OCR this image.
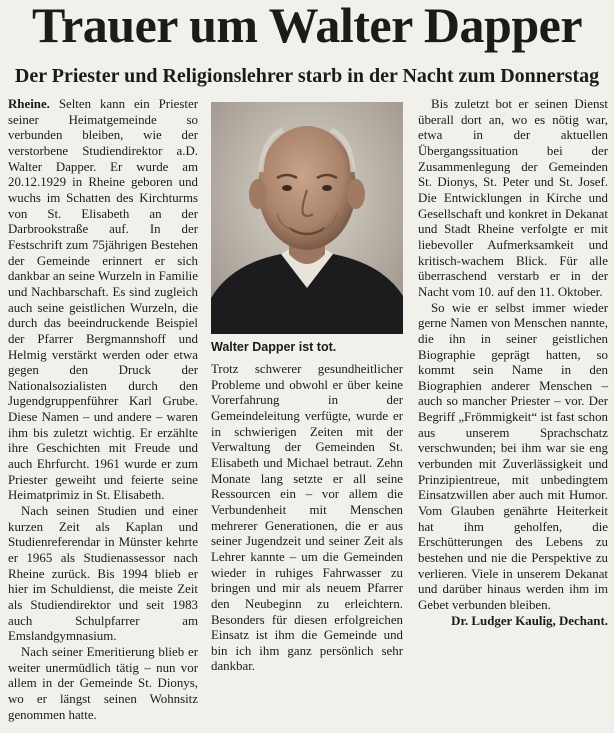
Trauer um Walter Dapper
Der Priester und Religionslehrer starb in der Nacht zum Donnerstag

Rheine. Selten kann ein Priester seiner Heimatgemeinde so verbunden bleiben, wie der verstorbene Studiendirektor a.D. Walter Dapper. Er wurde am 20.12.1929 in Rheine geboren und wuchs im Schatten des Kirchturms von St. Elisabeth an der Darbrookstraße auf. In der Festschrift zum 75jährigen Bestehen der Gemeinde erinnert er sich dankbar an seine Wurzeln in Familie und Nachbarschaft. Es sind zugleich auch seine geistlichen Wurzeln, die durch das beeindruckende Beispiel der Pfarrer Bergmannshoff und Helmig verstärkt werden oder etwa gegen den Druck der Nationalsozialisten durch den Jugendgruppenführer Karl Grube. Diese Namen – und andere – waren ihm bis zuletzt wichtig. Er erzählte ihre Geschichten mit Freude und auch Ehrfurcht. 1961 wurde er zum Priester geweiht und feierte seine Heimatprimiz in St. Elisabeth.

Nach seinen Studien und einer kurzen Zeit als Kaplan und Studienreferendar in Münster kehrte er 1965 als Studienassessor nach Rheine zurück. Bis 1994 blieb er hier im Schuldienst, die meiste Zeit als Studiendirektor und seit 1983 auch Schulpfarrer am Emslandgymnasium.

Nach seiner Emeritierung blieb er weiter unermüdlich tätig – nun vor allem in der Gemeinde St. Dionys, wo er längst seinen Wohnsitz genommen hatte.

Walter Dapper ist tot.

Trotz schwerer gesundheitlicher Probleme und obwohl er über keine Vorerfahrung in der Gemeindeleitung verfügte, wurde er in schwierigen Zeiten mit der Verwaltung der Gemeinden St. Elisabeth und Michael betraut. Zehn Monate lang setzte er all seine Ressourcen ein – vor allem die Verbundenheit mit Menschen mehrerer Generationen, die er aus seiner Jugendzeit und seiner Zeit als Lehrer kannte – um die Gemeinden wieder in ruhiges Fahrwasser zu bringen und mir als neuem Pfarrer den Neubeginn zu erleichtern. Besonders für diesen erfolgreichen Einsatz ist ihm die Gemeinde und bin ich ihm ganz persönlich sehr dankbar.

Bis zuletzt bot er seinen Dienst überall dort an, wo es nötig war, etwa in der aktuellen Übergangssituation bei der Zusammenlegung der Gemeinden St. Dionys, St. Peter und St. Josef. Die Entwicklungen in Kirche und Gesellschaft und konkret in Dekanat und Stadt Rheine verfolgte er mit liebevoller Aufmerksamkeit und kritisch-wachem Blick. Für alle überraschend verstarb er in der Nacht vom 10. auf den 11. Oktober.

So wie er selbst immer wieder gerne Namen von Menschen nannte, die ihn in seiner geistlichen Biographie geprägt hatten, so kommt sein Name in den Biographien anderer Menschen – auch so mancher Priester – vor. Der Begriff „Frömmigkeit“ ist fast schon aus unserem Sprachschatz verschwunden; bei ihm war sie eng verbunden mit Zuverlässigkeit und Prinzipientreue, mit unbedingtem Einsatzwillen aber auch mit Humor. Vom Glauben genährte Heiterkeit hat ihm geholfen, die Erschütterungen des Lebens zu bestehen und nie die Perspektive zu verlieren. Viele in unserem Dekanat und darüber hinaus werden ihm im Gebet verbunden bleiben.

Dr. Ludger Kaulig, Dechant.
